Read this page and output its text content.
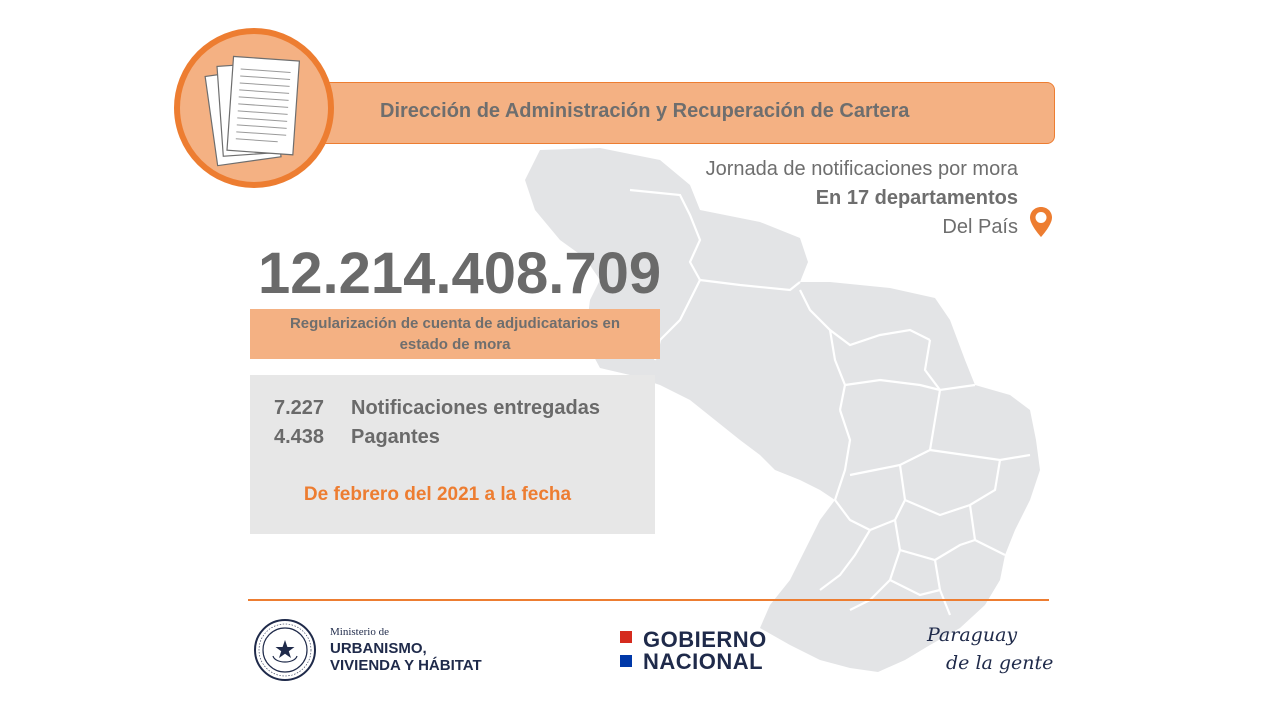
Dirección de Administración y Recuperación de Cartera
Jornada de notificaciones por mora
En 17 departamentos
Del País
12.214.408.709
Regularización de cuenta de adjudicatarios en estado de mora
7.227 Notificaciones entregadas
4.438 Pagantes
De febrero del 2021 a la fecha
Ministerio de
URBANISMO,
VIVIENDA Y HÁBITAT
GOBIERNO
NACIONAL
Paraguay
de la gente
